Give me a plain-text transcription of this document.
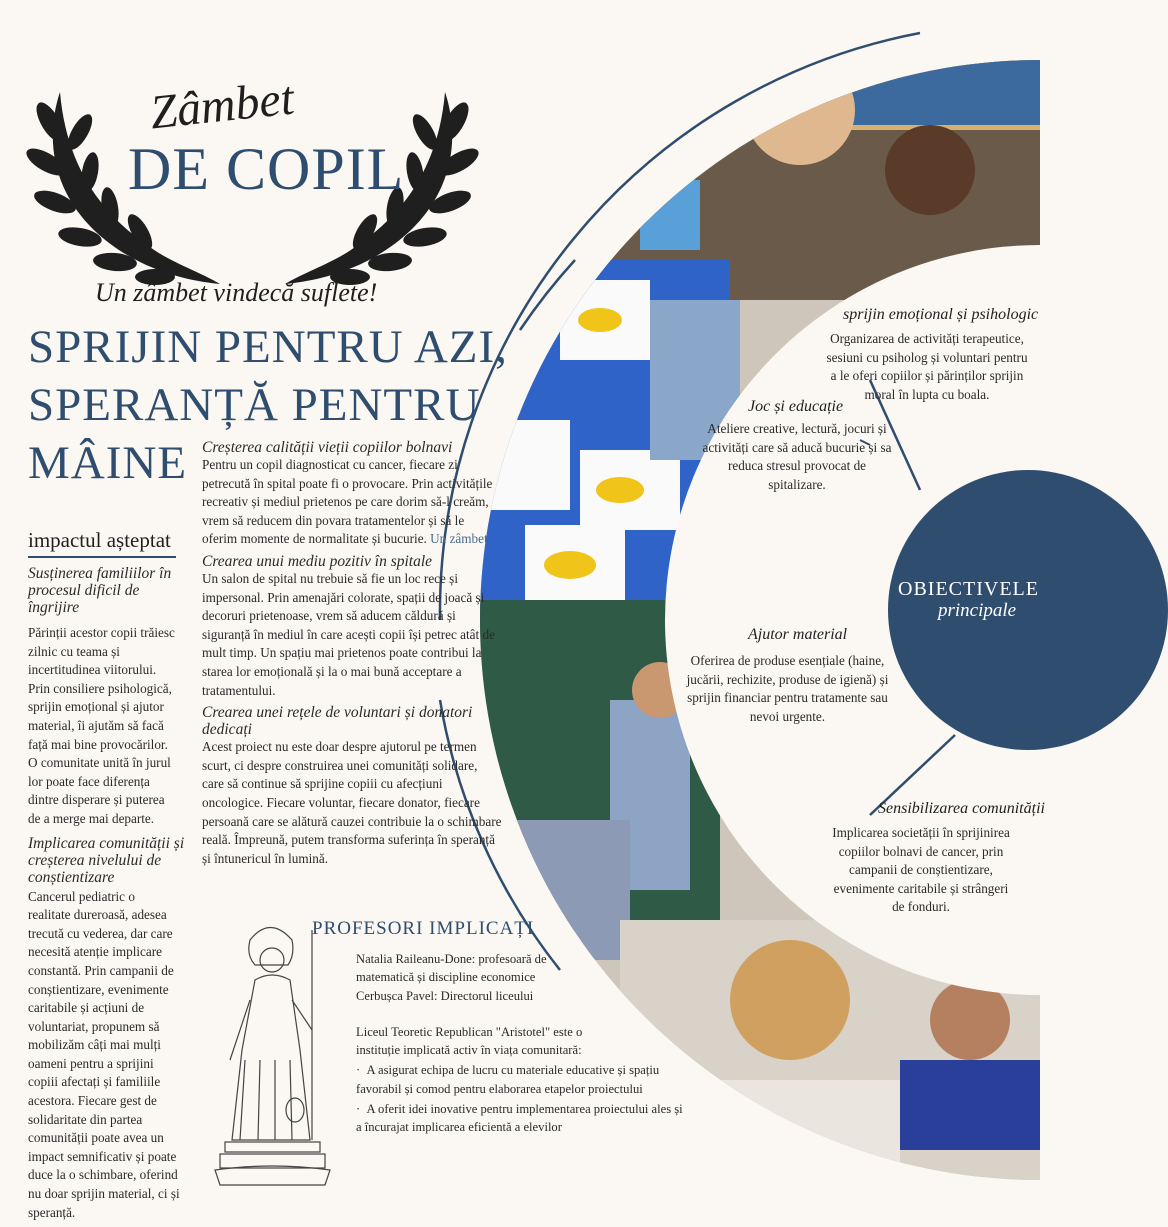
OBIECTIVELE
principale
sprijin emoțional și psihologic
Organizarea de activități terapeutice, sesiuni cu psiholog și voluntari pentru a le oferi copiilor și părinților sprijin moral în lupta cu boala.
Joc și educație
Ateliere creative, lectură, jocuri și activități care să aducă bucurie și sa reduca stresul provocat de spitalizare.
Ajutor material
Oferirea de produse esențiale (haine, jucării, rechizite, produse de igienă) și sprijin financiar pentru tratamente sau nevoi urgente.
Sensibilizarea comunității
Implicarea societății în sprijinirea copiilor bolnavi de cancer, prin campanii de conștientizare, evenimente caritabile și strângeri de fonduri.
Zâmbet
DE COPIL
Un zâmbet vindecă suflete!
SPRIJIN PENTRU AZI,
SPERANȚĂ PENTRU
MÂINE
impactul așteptat
Susținerea familiilor în procesul dificil de îngrijire
Părinții acestor copii trăiesc zilnic cu teama și incertitudinea viitorului. Prin consiliere psihologică, sprijin emoțional și ajutor material, îi ajutăm să facă față mai bine provocărilor. O comunitate unită în jurul lor poate face diferența dintre disperare și puterea de a merge mai departe.
Implicarea comunității și creșterea nivelului de conștientizare
Cancerul pediatric o realitate dureroasă, adesea trecută cu vederea, dar care necesită atenție implicare constantă. Prin campanii de conștientizare, evenimente caritabile și acțiuni de voluntariat, propunem să mobilizăm câți mai mulți oameni pentru a sprijini copiii afectați și familiile acestora. Fiecare gest de solidaritate din partea comunității poate avea un impact semnificativ și poate duce la o schimbare, oferind nu doar sprijin material, ci și speranță.
Creșterea calității vieții copiilor bolnavi
Pentru un copil diagnosticat cu cancer, fiecare zi petrecută în spital poate fi o provocare. Prin activitățile recreativ și mediul prietenos pe care dorim să-l creăm, vrem să reducem din povara tratamentelor și să le oferim momente de normalitate și bucurie. Un zâmbet.
Crearea unui mediu pozitiv în spitale
Un salon de spital nu trebuie să fie un loc rece și impersonal. Prin amenajări colorate, spații de joacă și decoruri prietenoase, vrem să aducem căldură și siguranță în mediul în care acești copii își petrec atât de mult timp. Un spațiu mai prietenos poate contribui la starea lor emoțională și la o mai bună acceptare a tratamentului.
Crearea unei rețele de voluntari și donatori dedicați
Acest proiect nu este doar despre ajutorul pe termen scurt, ci despre construirea unei comunități solidare, care să continue să sprijine copiii cu afecțiuni oncologice. Fiecare voluntar, fiecare donator, fiecare persoană care se alătură cauzei contribuie la o schimbare reală. Împreună, putem transforma suferința în speranță și întunericul în lumină.
PROFESORI IMPLICAȚI
Natalia Raileanu-Done: profesoară de matematică și discipline economice
Cerbușca Pavel: Directorul liceului
Liceul Teoretic Republican "Aristotel" este o instituție implicată activ în viața comunitară:
· A asigurat echipa de lucru cu materiale educative și spațiu favorabil și comod pentru elaborarea etapelor proiectului
· A oferit idei inovative pentru implementarea proiectului ales și a încurajat implicarea eficientă a elevilor
